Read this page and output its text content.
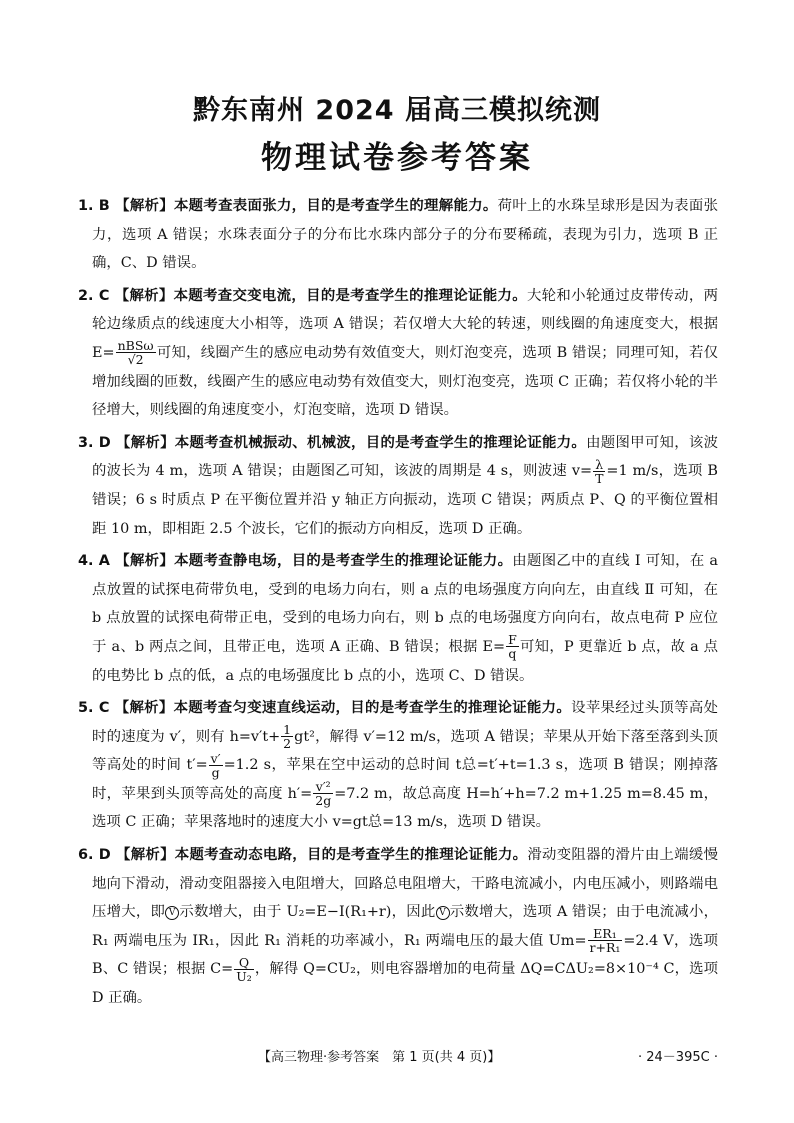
黔东南州 2024 届高三模拟统测
物理试卷参考答案

1. B 【解析】本题考查表面张力，目的是考查学生的理解能力。荷叶上的水珠呈球形是因为表面张力，选项 A 错误；水珠表面分子的分布比水珠内部分子的分布要稀疏，表现为引力，选项 B 正确，C、D 错误。

2. C 【解析】本题考查交变电流，目的是考查学生的推理论证能力。大轮和小轮通过皮带传动，两轮边缘质点的线速度大小相等，选项 A 错误；若仅增大大轮的转速，则线圈的角速度变大，根据 $E= \frac{\text{nBSω}}{√2}$ 可知，线圈产生的感应电动势有效值变大，则灯泡变亮，选项 B 错误；同理可知，若仅增加线圈的匝数，线圈产生的感应电动势有效值变大，则灯泡变亮，选项 C 正确；若仅将小轮的半径增大，则线圈的角速度变小，灯泡变暗，选项 D 错误。

3. D 【解析】本题考查机械振动、机械波，目的是考查学生的推理论证能力。由题图甲可知，该波的波长为 4 m，选项 A 错误；由题图乙可知，该波的周期是 4 s，则波速 $v= \frac{\lambda}{T} =1$ m/s，选项 B 错误；6 s 时质点 P 在平衡位置并沿 y 轴正方向振动，选项 C 错误；两质点 P、Q 的平衡位置相距 10 m，即相距 2.5 个波长，它们的振动方向相反，选项 D 正确。

4. A 【解析】本题考查静电场，目的是考查学生的推理论证能力。由题图乙中的直线 Ⅰ 可知，在 a 点放置的试探电荷带负电，受到的电场力向右，则 a 点的电场强度方向向左，由直线 Ⅱ 可知，在 b 点放置的试探电荷带正电，受到的电场力向右，则 b 点的电场强度方向向右，故点电荷 P 应位于 a、b 两点之间，且带正电，选项 A 正确、B 错误；根据 $E= \frac{F}{q}$ 可知，P 更靠近 b 点，故 a 点的电势比 b 点的低，a 点的电场强度比 b 点的小，选项 C、D 错误。

5. C 【解析】本题考查匀变速直线运动，目的是考查学生的推理论证能力。设苹果经过头顶等高处时的速度为 v′，则有 $h=v't+ \frac{1}{2} gt^2$，解得 v′=12 m/s，选项 A 错误；苹果从开始下落至落到头顶等高处的时间 $t'= \frac{v'}{g} =1.2$ s，苹果在空中运动的总时间 t总=t′+t=1.3 s，选项 B 错误；刚掉落时，苹果到头顶等高处的高度 $h'= \frac{\text{v′²}}{2g} =7.2$ m，故总高度 H=h′+h=7.2 m+1.25 m=8.45 m，选项 C 正确；苹果落地时的速度大小 v=gt总=13 m/s，选项 D 错误。

6. D 【解析】本题考查动态电路，目的是考查学生的推理论证能力。滑动变阻器的滑片由上端缓慢地向下滑动，滑动变阻器接入电阻增大，回路总电阻增大，干路电流减小，内电压减小，则路端电压增大，即 V 示数增大，由于 U₂=E−I(R₁+r)，因此 V 示数增大，选项 A 错误；由于电流减小，R₁ 两端电压为 IR₁，因此 R₁ 消耗的功率减小，R₁ 两端电压的最大值 $Um= \frac{\text{ER₁}}{\text{r+R₁}} =2.4$ V，选项 B、C 错误；根据 $C= \frac{Q}{\text{U₂}}$ ，解得 Q=CU₂，则电容器增加的电荷量 ΔQ=CΔU₂=8×10⁻⁴ C，选项 D 正确。

【高三物理·参考答案　第 1 页(共 4 页)】	· 24－395C ·
